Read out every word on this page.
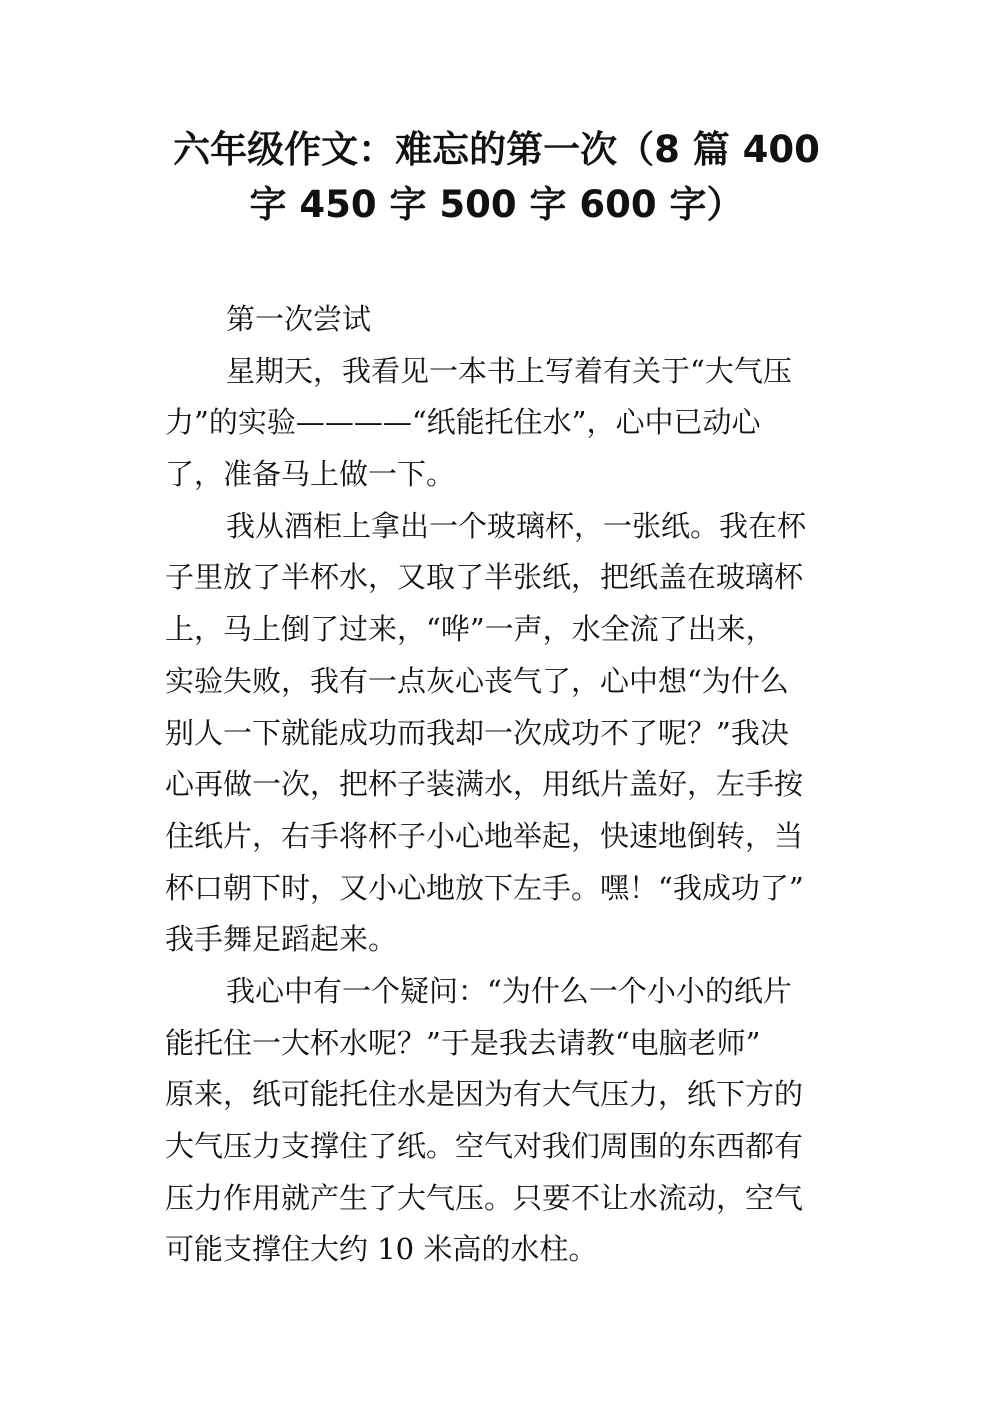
六年级作文：难忘的第一次（8 篇 400
字 450 字 500 字 600 字）
第一次尝试
星期天，我看见一本书上写着有关于“大气压
力”的实验————“纸能托住水”，心中已动心
了，准备马上做一下。
我从酒柜上拿出一个玻璃杯，一张纸。我在杯
子里放了半杯水，又取了半张纸，把纸盖在玻璃杯
上，马上倒了过来，“哗”一声，水全流了出来，
实验失败，我有一点灰心丧气了，心中想“为什么
别人一下就能成功而我却一次成功不了呢？”我决
心再做一次，把杯子装满水，用纸片盖好，左手按
住纸片，右手将杯子小心地举起，快速地倒转，当
杯口朝下时，又小心地放下左手。嘿！“我成功了”
我手舞足蹈起来。
我心中有一个疑问：“为什么一个小小的纸片
能托住一大杯水呢？”于是我去请教“电脑老师”
原来，纸可能托住水是因为有大气压力，纸下方的
大气压力支撑住了纸。空气对我们周围的东西都有
压力作用就产生了大气压。只要不让水流动，空气
可能支撑住大约 10 米高的水柱。
